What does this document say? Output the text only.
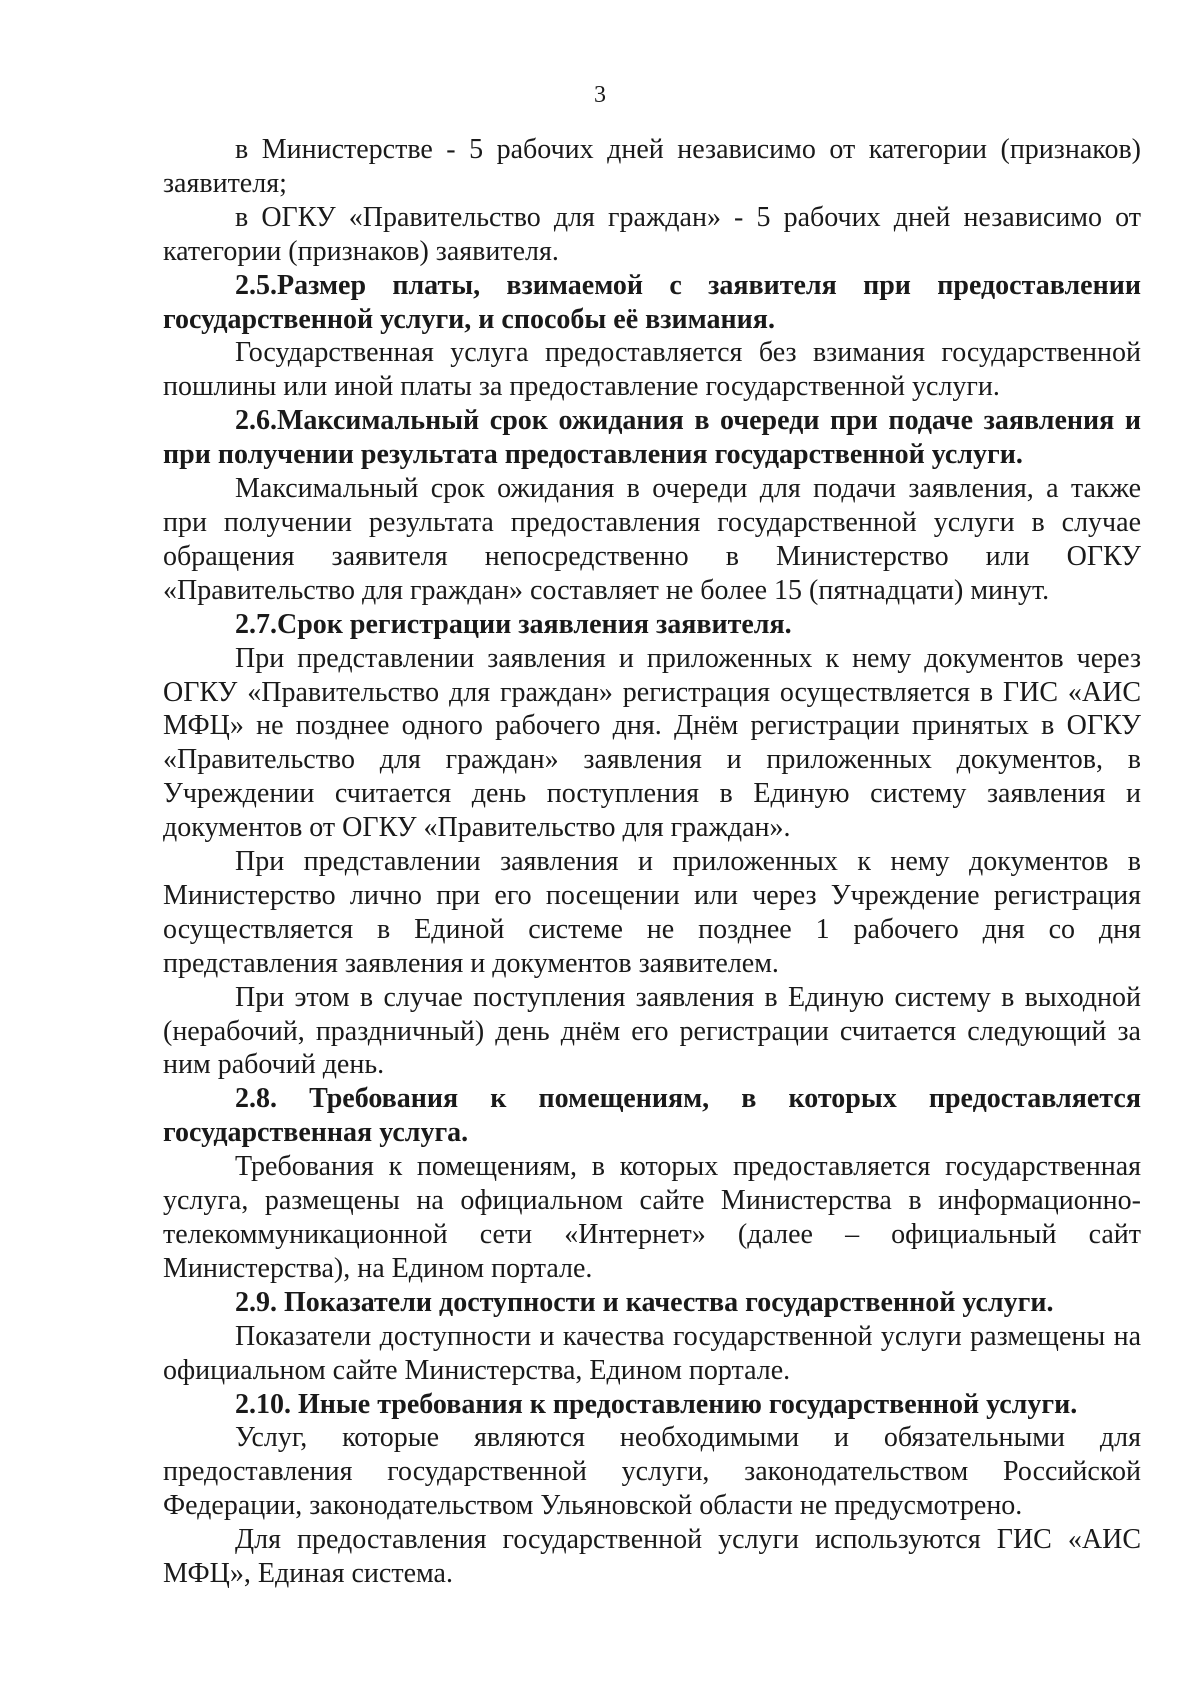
3

в Министерстве - 5 рабочих дней независимо от категории (признаков) заявителя;

в ОГКУ «Правительство для граждан» - 5 рабочих дней независимо от категории (признаков) заявителя.

2.5.Размер платы, взимаемой с заявителя при предоставлении государственной услуги, и способы её взимания.

Государственная услуга предоставляется без взимания государственной пошлины или иной платы за предоставление государственной услуги.

2.6.Максимальный срок ожидания в очереди при подаче заявления и при получении результата предоставления государственной услуги.

Максимальный срок ожидания в очереди для подачи заявления, а также при получении результата предоставления государственной услуги в случае обращения заявителя непосредственно в Министерство или ОГКУ «Правительство для граждан» составляет не более 15 (пятнадцати) минут.

2.7.Срок регистрации заявления заявителя.

При представлении заявления и приложенных к нему документов через ОГКУ «Правительство для граждан» регистрация осуществляется в ГИС «АИС МФЦ» не позднее одного рабочего дня. Днём регистрации принятых в ОГКУ «Правительство для граждан» заявления и приложенных документов, в Учреждении считается день поступления в Единую систему заявления и документов от ОГКУ «Правительство для граждан».

При представлении заявления и приложенных к нему документов в Министерство лично при его посещении или через Учреждение регистрация осуществляется в Единой системе не позднее 1 рабочего дня со дня представления заявления и документов заявителем.

При этом в случае поступления заявления в Единую систему в выходной (нерабочий, праздничный) день днём его регистрации считается следующий за ним рабочий день.

2.8. Требования к помещениям, в которых предоставляется государственная услуга.

Требования к помещениям, в которых предоставляется государственная услуга, размещены на официальном сайте Министерства в информационно-телекоммуникационной сети «Интернет» (далее – официальный сайт Министерства), на Едином портале.

2.9. Показатели доступности и качества государственной услуги.

Показатели доступности и качества государственной услуги размещены на официальном сайте Министерства, Едином портале.

2.10. Иные требования к предоставлению государственной услуги.

Услуг, которые являются необходимыми и обязательными для предоставления государственной услуги, законодательством Российской Федерации, законодательством Ульяновской области не предусмотрено.

Для предоставления государственной услуги используются ГИС «АИС МФЦ», Единая система.
